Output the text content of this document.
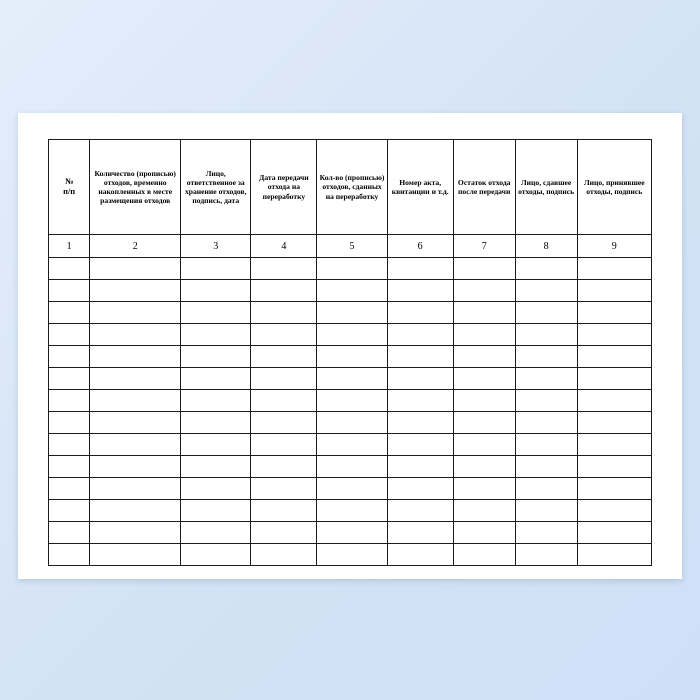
№
п/п	Количество (прописью) отходов, временно накопленных в месте размещения отходов	Лицо, ответственное за хранение отходов, подпись, дата	Дата передачи отхода на переработку	Кол-во (прописью) отходов, сданных на переработку	Номер акта, квитанции и т.д.	Остаток отхода после передачи	Лицо, сдавшее отходы, подпись	Лицо, принявшее отходы, подпись

1	2	3	4	5	6	7	8	9
